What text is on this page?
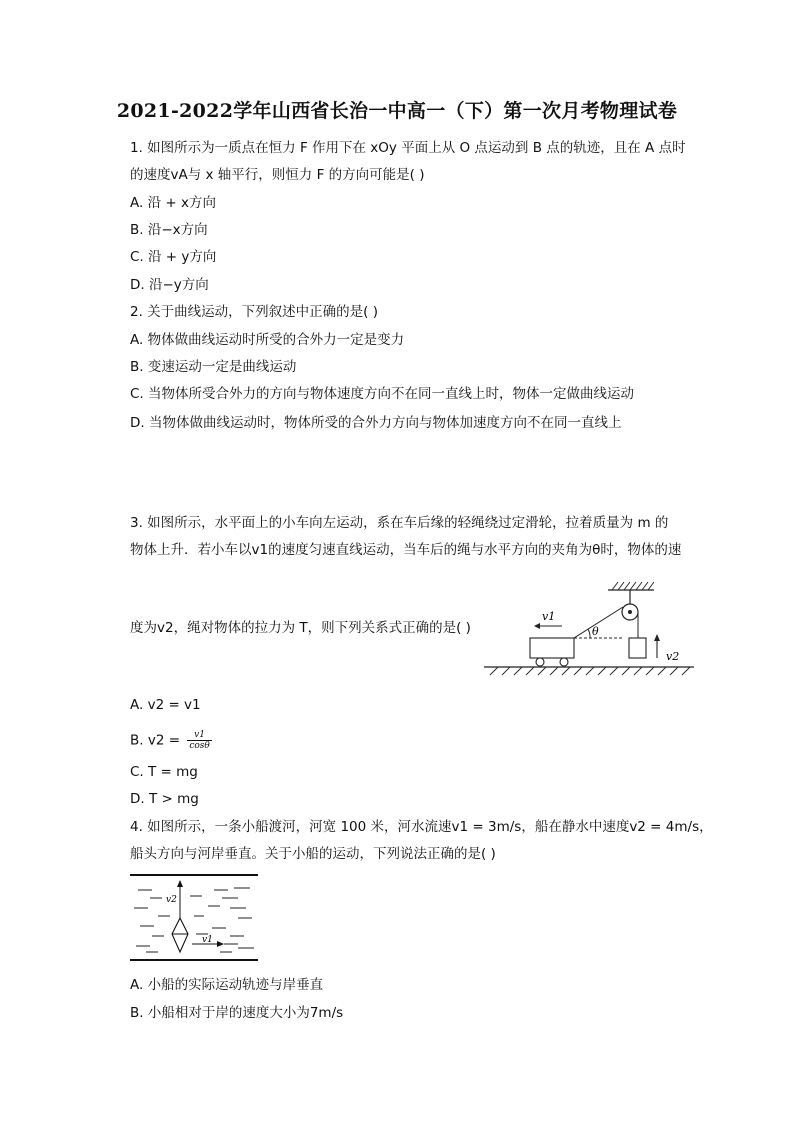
2021-2022学年山西省长治一中高一（下）第一次月考物理试卷
1. 如图所示为一质点在恒力 F 作用下在 xOy 平面上从 O 点运动到 B 点的轨迹，且在 A 点时
的速度vA与 x 轴平行，则恒力 F 的方向可能是( )
A. 沿 + x方向
B. 沿−x方向
C. 沿 + y方向
D. 沿−y方向
2. 关于曲线运动，下列叙述中正确的是( )
A. 物体做曲线运动时所受的合外力一定是变力
B. 变速运动一定是曲线运动
C. 当物体所受合外力的方向与物体速度方向不在同一直线上时，物体一定做曲线运动
D. 当物体做曲线运动时，物体所受的合外力方向与物体加速度方向不在同一直线上
3. 如图所示，水平面上的小车向左运动，系在车后缘的轻绳绕过定滑轮，拉着质量为 m 的
物体上升．若小车以v1的速度匀速直线运动，当车后的绳与水平方向的夹角为θ时，物体的速
度为v2，绳对物体的拉力为 T，则下列关系式正确的是( )	θ
v1
v2
A. v2 = v1
B. $v2 = \frac{v1}{\cos\theta}$
C. T = mg
D. T > mg
4. 如图所示，一条小船渡河，河宽 100 米，河水流速v1 = 3m/s，船在静水中速度v2 = 4m/s，
船头方向与河岸垂直。关于小船的运动，下列说法正确的是( )
v2
v1
A. 小船的实际运动轨迹与岸垂直
B. 小船相对于岸的速度大小为7m/s
